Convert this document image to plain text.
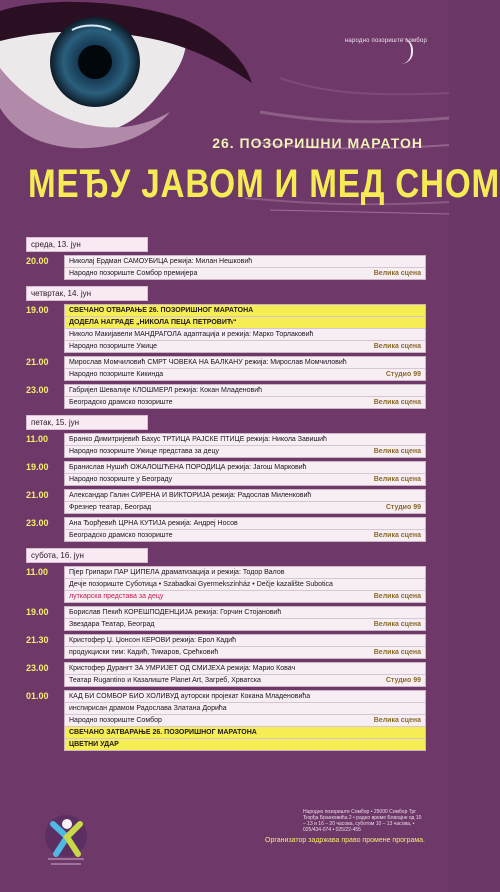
народно позориште сомбор
26. ПОЗОРИШНИ МАРАТОН
МЕЂУ ЈАВОМ И МЕД СНОМ
среда, 13. јун
20.00	Николај Ердман САМОУБИЦА режија: Милан Нешковић
Народно позориште Сомбор премијера	Велика сцена
четвртак, 14. јун
19.00	СВЕЧАНО ОТВАРАЊЕ 26. ПОЗОРИШНОГ МАРАТОНА
ДОДЕЛА НАГРАДЕ „НИКОЛА ПЕЦА ПЕТРОВИЋ“
Николо Макијавели МАНДРАГОЛА адаптација и режија: Марко Торлаковић
Народно позориште Ужице	Велика сцена
21.00	Мирослав Момчиловић СМРТ ЧОВЕКА НА БАЛКАНУ режија: Мирослав Момчиловић
Народно позориште Кикинда	Студио 99
23.00	Габријел Шевалије КЛОШМЕРЛ режија: Кокан Младеновић
Београдско драмско позориште	Велика сцена
петак, 15. јун
11.00	Бранко Димитријевић Бахус ТРТИЦА РАЈСКЕ ПТИЦЕ режија: Никола Завишић
Народно позориште Ужице представа за децу	Велика сцена
19.00	Бранислав Нушић ОЖАЛОШЋЕНА ПОРОДИЦА режија: Јагош Марковић
Народно позориште у Београду	Велика сцена
21.00	Александар Галин СИРЕНА И ВИКТОРИЈА режија: Радослав Миленковић
Фрезнер театар, Београд	Студио 99
23.00	Ана Ђорђевић ЦРНА КУТИЈА режија: Андреј Носов
Београдско драмско позориште	Велика сцена
субота, 16. јун
11.00	Пјер Грипари ПАР ЦИПЕЛА драматизација и режија: Тодор Валов
Дечје позориште Суботица • Szabadkai Gyermekszínház • Dečje kazalište Subotica
луткарска представа за децу	Велика сцена
19.00	Борислав Пекић КОРЕШПОДЕНЦИЈА режија: Горчин Стојановић
Звездара Театар, Београд	Велика сцена
21.30	Кристофер Џ. Џонсон КЕРОВИ режија: Ерол Кадић
продукциски тим: Кадић, Тимаров, Срећковић	Велика сцена
23.00	Кристофер Дурангт ЗА УМРИЈЕТ ОД СМИЈЕХА режија: Марио Ковач
Театар Rugantino и Казалиште Planet Art, Загреб, Хрватска	Студио 99
01.00	КАД БИ СОМБОР БИО ХОЛИВУД ауторски пројекат Кокана Младеновића
инспирисан драмом Радослава Златана Дорића
Народно позориште Сомбор	Велика сцена
СВЕЧАНО ЗАТВАРАЊЕ 26. ПОЗОРИШНОГ МАРАТОНА
ЦВЕТНИ УДАР
Народно позориште Сомбор • 25000 Сомбор Трг Ђорђа Бранковића 2 • радно време Благајне од 10 – 13 и 16 – 20 часова, суботом 10 – 13 часова, • 025/434-074 • 025/22-455
Организатор задржава право промене програма.
